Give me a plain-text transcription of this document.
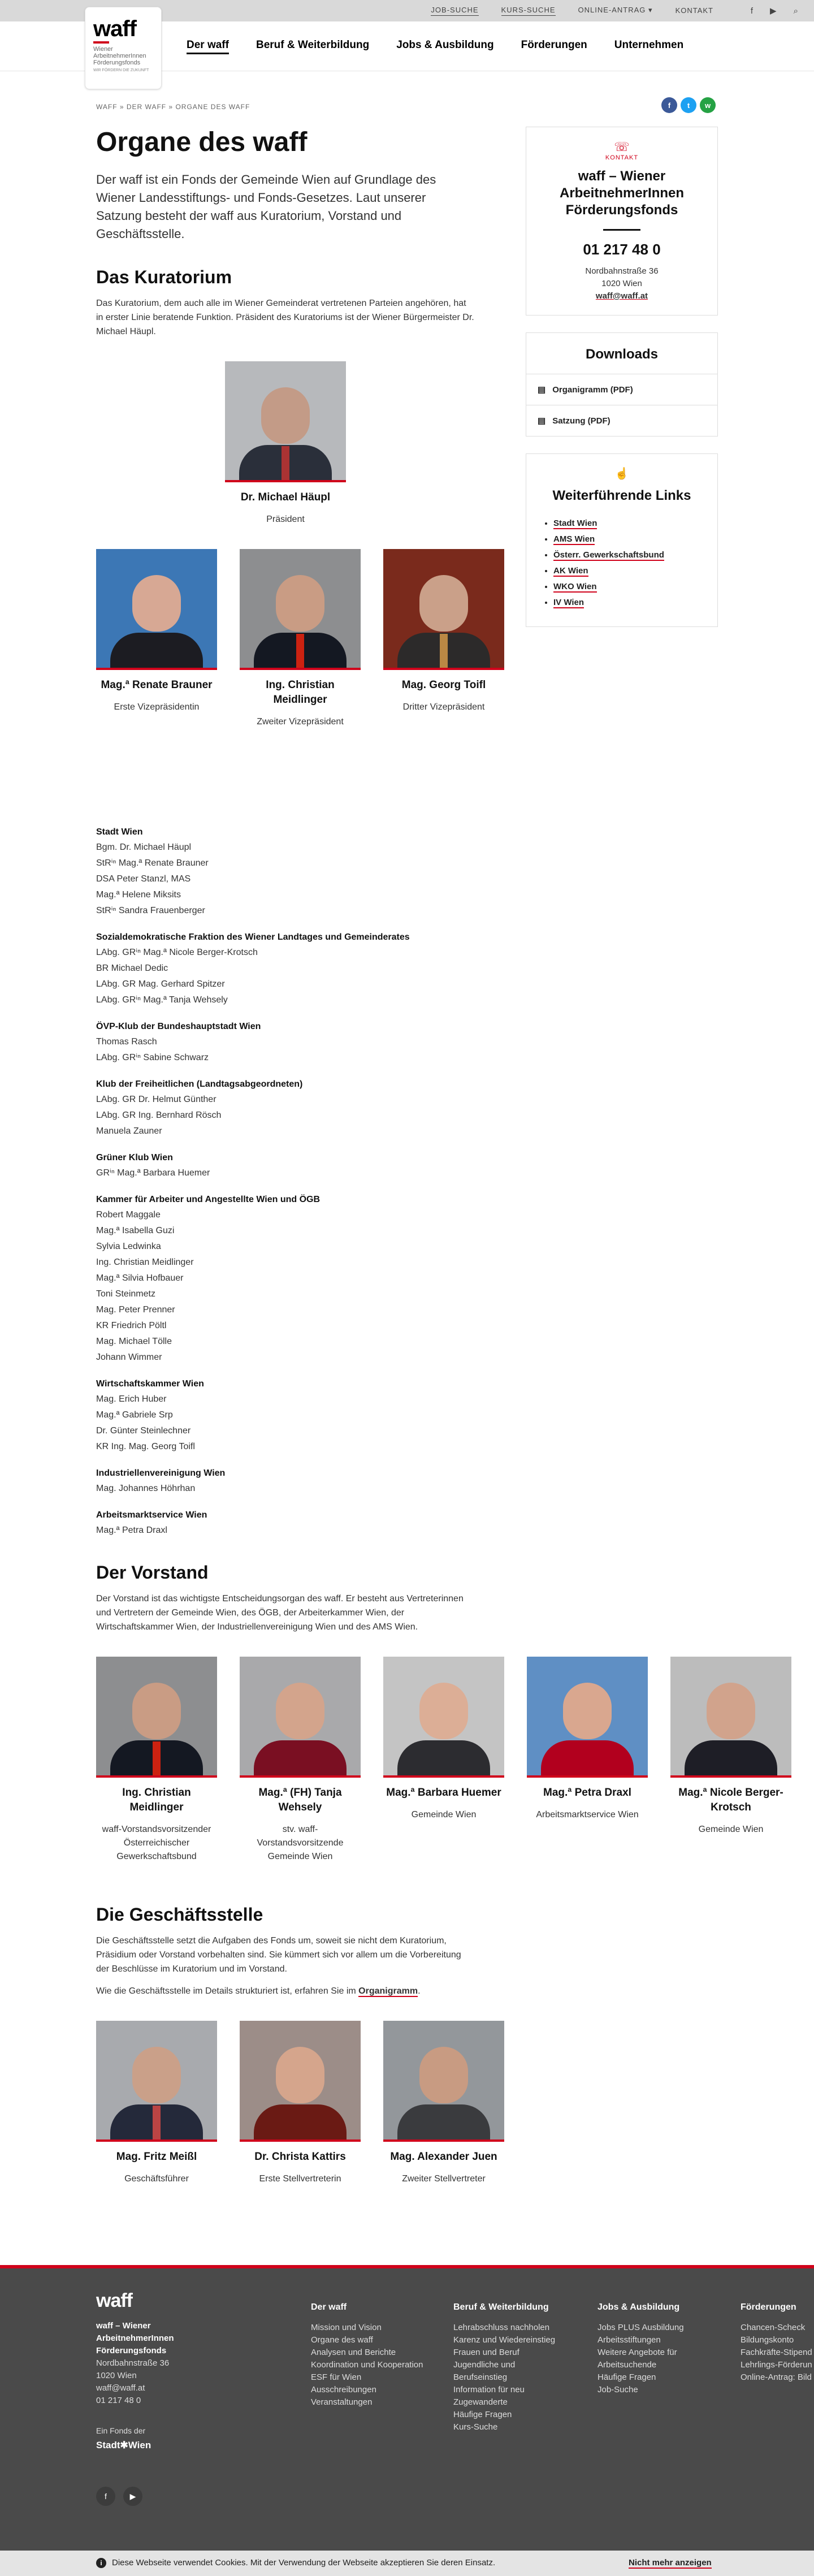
JOB-SUCHE	KURS-SUCHE	ONLINE-ANTRAG ▾	KONTAKT	f ▶ ⌕
waff
Wiener ArbeitnehmerInnen Förderungsfonds
WIR FÖRDERN DIE ZUKUNFT
Der waff	Beruf & Weiterbildung	Jobs & Ausbildung	Förderungen	Unternehmen
WAFF » DER WAFF » ORGANE DES WAFF	f	t	w
Organe des waff
Der waff ist ein Fonds der Gemeinde Wien auf Grundlage des Wiener Landesstiftungs- und Fonds-Gesetzes. Laut unserer Satzung besteht der waff aus Kuratorium, Vorstand und Geschäftsstelle.
Das Kuratorium
Das Kuratorium, dem auch alle im Wiener Gemeinderat vertretenen Parteien angehören, hat in erster Linie beratende Funktion. Präsident des Kuratoriums ist der Wiener Bürgermeister Dr. Michael Häupl.
Dr. Michael Häupl
Präsident
Mag.ª Renate Brauner
Erste Vizepräsidentin
Ing. Christian Meidlinger
Zweiter Vizepräsident
Mag. Georg Toifl
Dritter Vizepräsident
Stadt Wien
Bgm. Dr. Michael Häupl
StRⁱⁿ Mag.ª Renate Brauner
DSA Peter Stanzl, MAS
Mag.ª Helene Miksits
StRⁱⁿ Sandra Frauenberger
Sozialdemokratische Fraktion des Wiener Landtages und Gemeinderates
LAbg. GRⁱⁿ Mag.ª Nicole Berger-Krotsch
BR Michael Dedic
LAbg. GR Mag. Gerhard Spitzer
LAbg. GRⁱⁿ Mag.ª Tanja Wehsely
ÖVP-Klub der Bundeshauptstadt Wien
Thomas Rasch
LAbg. GRⁱⁿ Sabine Schwarz
Klub der Freiheitlichen (Landtagsabgeordneten)
LAbg. GR Dr. Helmut Günther
LAbg. GR Ing. Bernhard Rösch
Manuela Zauner
Grüner Klub Wien
GRⁱⁿ Mag.ª Barbara Huemer
Kammer für Arbeiter und Angestellte Wien und ÖGB
Robert Maggale
Mag.ª Isabella Guzi
Sylvia Ledwinka
Ing. Christian Meidlinger
Mag.ª Silvia Hofbauer
Toni Steinmetz
Mag. Peter Prenner
KR Friedrich Pöltl
Mag. Michael Tölle
Johann Wimmer
Wirtschaftskammer Wien
Mag. Erich Huber
Mag.ª Gabriele Srp
Dr. Günter Steinlechner
KR Ing. Mag. Georg Toifl
Industriellenvereinigung Wien
Mag. Johannes Höhrhan
Arbeitsmarktservice Wien
Mag.ª Petra Draxl
Der Vorstand
Der Vorstand ist das wichtigste Entscheidungsorgan des waff. Er besteht aus Vertreterinnen und Vertretern der Gemeinde Wien, des ÖGB, der Arbeiterkammer Wien, der Wirtschaftskammer Wien, der Industriellenvereinigung Wien und des AMS Wien.
Ing. Christian Meidlinger
waff-Vorstandsvorsitzender Österreichischer Gewerkschaftsbund
Mag.ª (FH) Tanja Wehsely
stv. waff-Vorstandsvorsitzende Gemeinde Wien
Mag.ª Barbara Huemer
Gemeinde Wien
Mag.ª Petra Draxl
Arbeitsmarktservice Wien
Mag.ª Nicole Berger-Krotsch
Gemeinde Wien
Die Geschäftsstelle
Die Geschäftsstelle setzt die Aufgaben des Fonds um, soweit sie nicht dem Kuratorium, Präsidium oder Vorstand vorbehalten sind. Sie kümmert sich vor allem um die Vorbereitung der Beschlüsse im Kuratorium und im Vorstand.
Wie die Geschäftsstelle im Details strukturiert ist, erfahren Sie im Organigramm.
Mag. Fritz Meißl
Geschäftsführer
Dr. Christa Kattirs
Erste Stellvertreterin
Mag. Alexander Juen
Zweiter Stellvertreter
☏
KONTAKT
waff – Wiener ArbeitnehmerInnen Förderungsfonds
01 217 48 0
Nordbahnstraße 36
1020 Wien
waff@waff.at
Downloads
▤ Organigramm (PDF)
▤ Satzung (PDF)
☝
Weiterführende Links
• Stadt Wien
• AMS Wien
• Österr. Gewerkschaftsbund
• AK Wien
• WKO Wien
• IV Wien
waff
waff – Wiener ArbeitnehmerInnen Förderungsfonds
Nordbahnstraße 36
1020 Wien
waff@waff.at
01 217 48 0
Ein Fonds der
Stadt✱Wien
f	▶
Der waff
Mission und Vision
Organe des waff
Analysen und Berichte
Koordination und Kooperation
ESF für Wien
Ausschreibungen
Veranstaltungen
Beruf & Weiterbildung
Lehrabschluss nachholen
Karenz und Wiedereinstieg
Frauen und Beruf
Jugendliche und
Berufseinstieg
Information für neu
Zugewanderte
Häufige Fragen
Kurs-Suche
Jobs & Ausbildung
Jobs PLUS Ausbildung
Arbeitsstiftungen
Weitere Angebote für
Arbeitsuchende
Häufige Fragen
Job-Suche
Förderungen
Chancen-Scheck
Bildungskonto
Fachkräfte-Stipend
Lehrlings-Förderun
Online-Antrag: Bild
i	Diese Webseite verwendet Cookies. Mit der Verwendung der Webseite akzeptieren Sie deren Einsatz.	Nicht mehr anzeigen
